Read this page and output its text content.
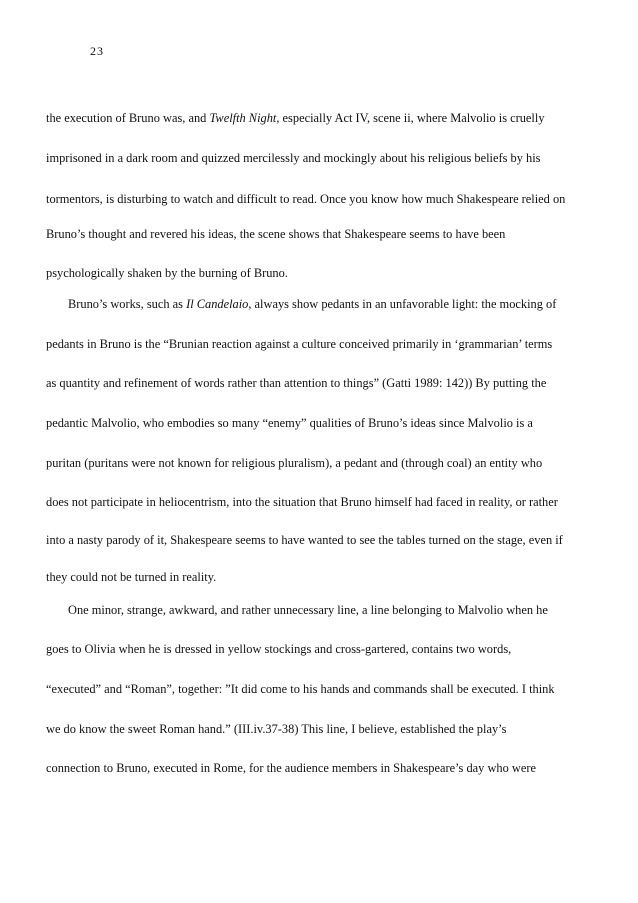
23
the execution of Bruno was, and Twelfth Night, especially Act IV, scene ii, where Malvolio is cruelly
imprisoned in a dark room and quizzed mercilessly and mockingly about his religious beliefs by his
tormentors, is disturbing to watch and difficult to read. Once you know how much Shakespeare relied on
Bruno’s thought and revered his ideas, the scene shows that Shakespeare seems to have been
psychologically shaken by the burning of Bruno.
Bruno’s works, such as Il Candelaio, always show pedants in an unfavorable light: the mocking of
pedants in Bruno is the “Brunian reaction against a culture conceived primarily in ‘grammarian’ terms
as quantity and refinement of words rather than attention to things” (Gatti 1989: 142)) By putting the
pedantic Malvolio, who embodies so many “enemy” qualities of Bruno’s ideas since Malvolio is a
puritan (puritans were not known for religious pluralism), a pedant and (through coal) an entity who
does not participate in heliocentrism, into the situation that Bruno himself had faced in reality, or rather
into a nasty parody of it, Shakespeare seems to have wanted to see the tables turned on the stage, even if
they could not be turned in reality.
One minor, strange, awkward, and rather unnecessary line, a line belonging to Malvolio when he
goes to Olivia when he is dressed in yellow stockings and cross-gartered, contains two words,
“executed” and “Roman”, together: ”It did come to his hands and commands shall be executed. I think
we do know the sweet Roman hand.” (III.iv.37-38) This line, I believe, established the play’s
connection to Bruno, executed in Rome, for the audience members in Shakespeare’s day who were
